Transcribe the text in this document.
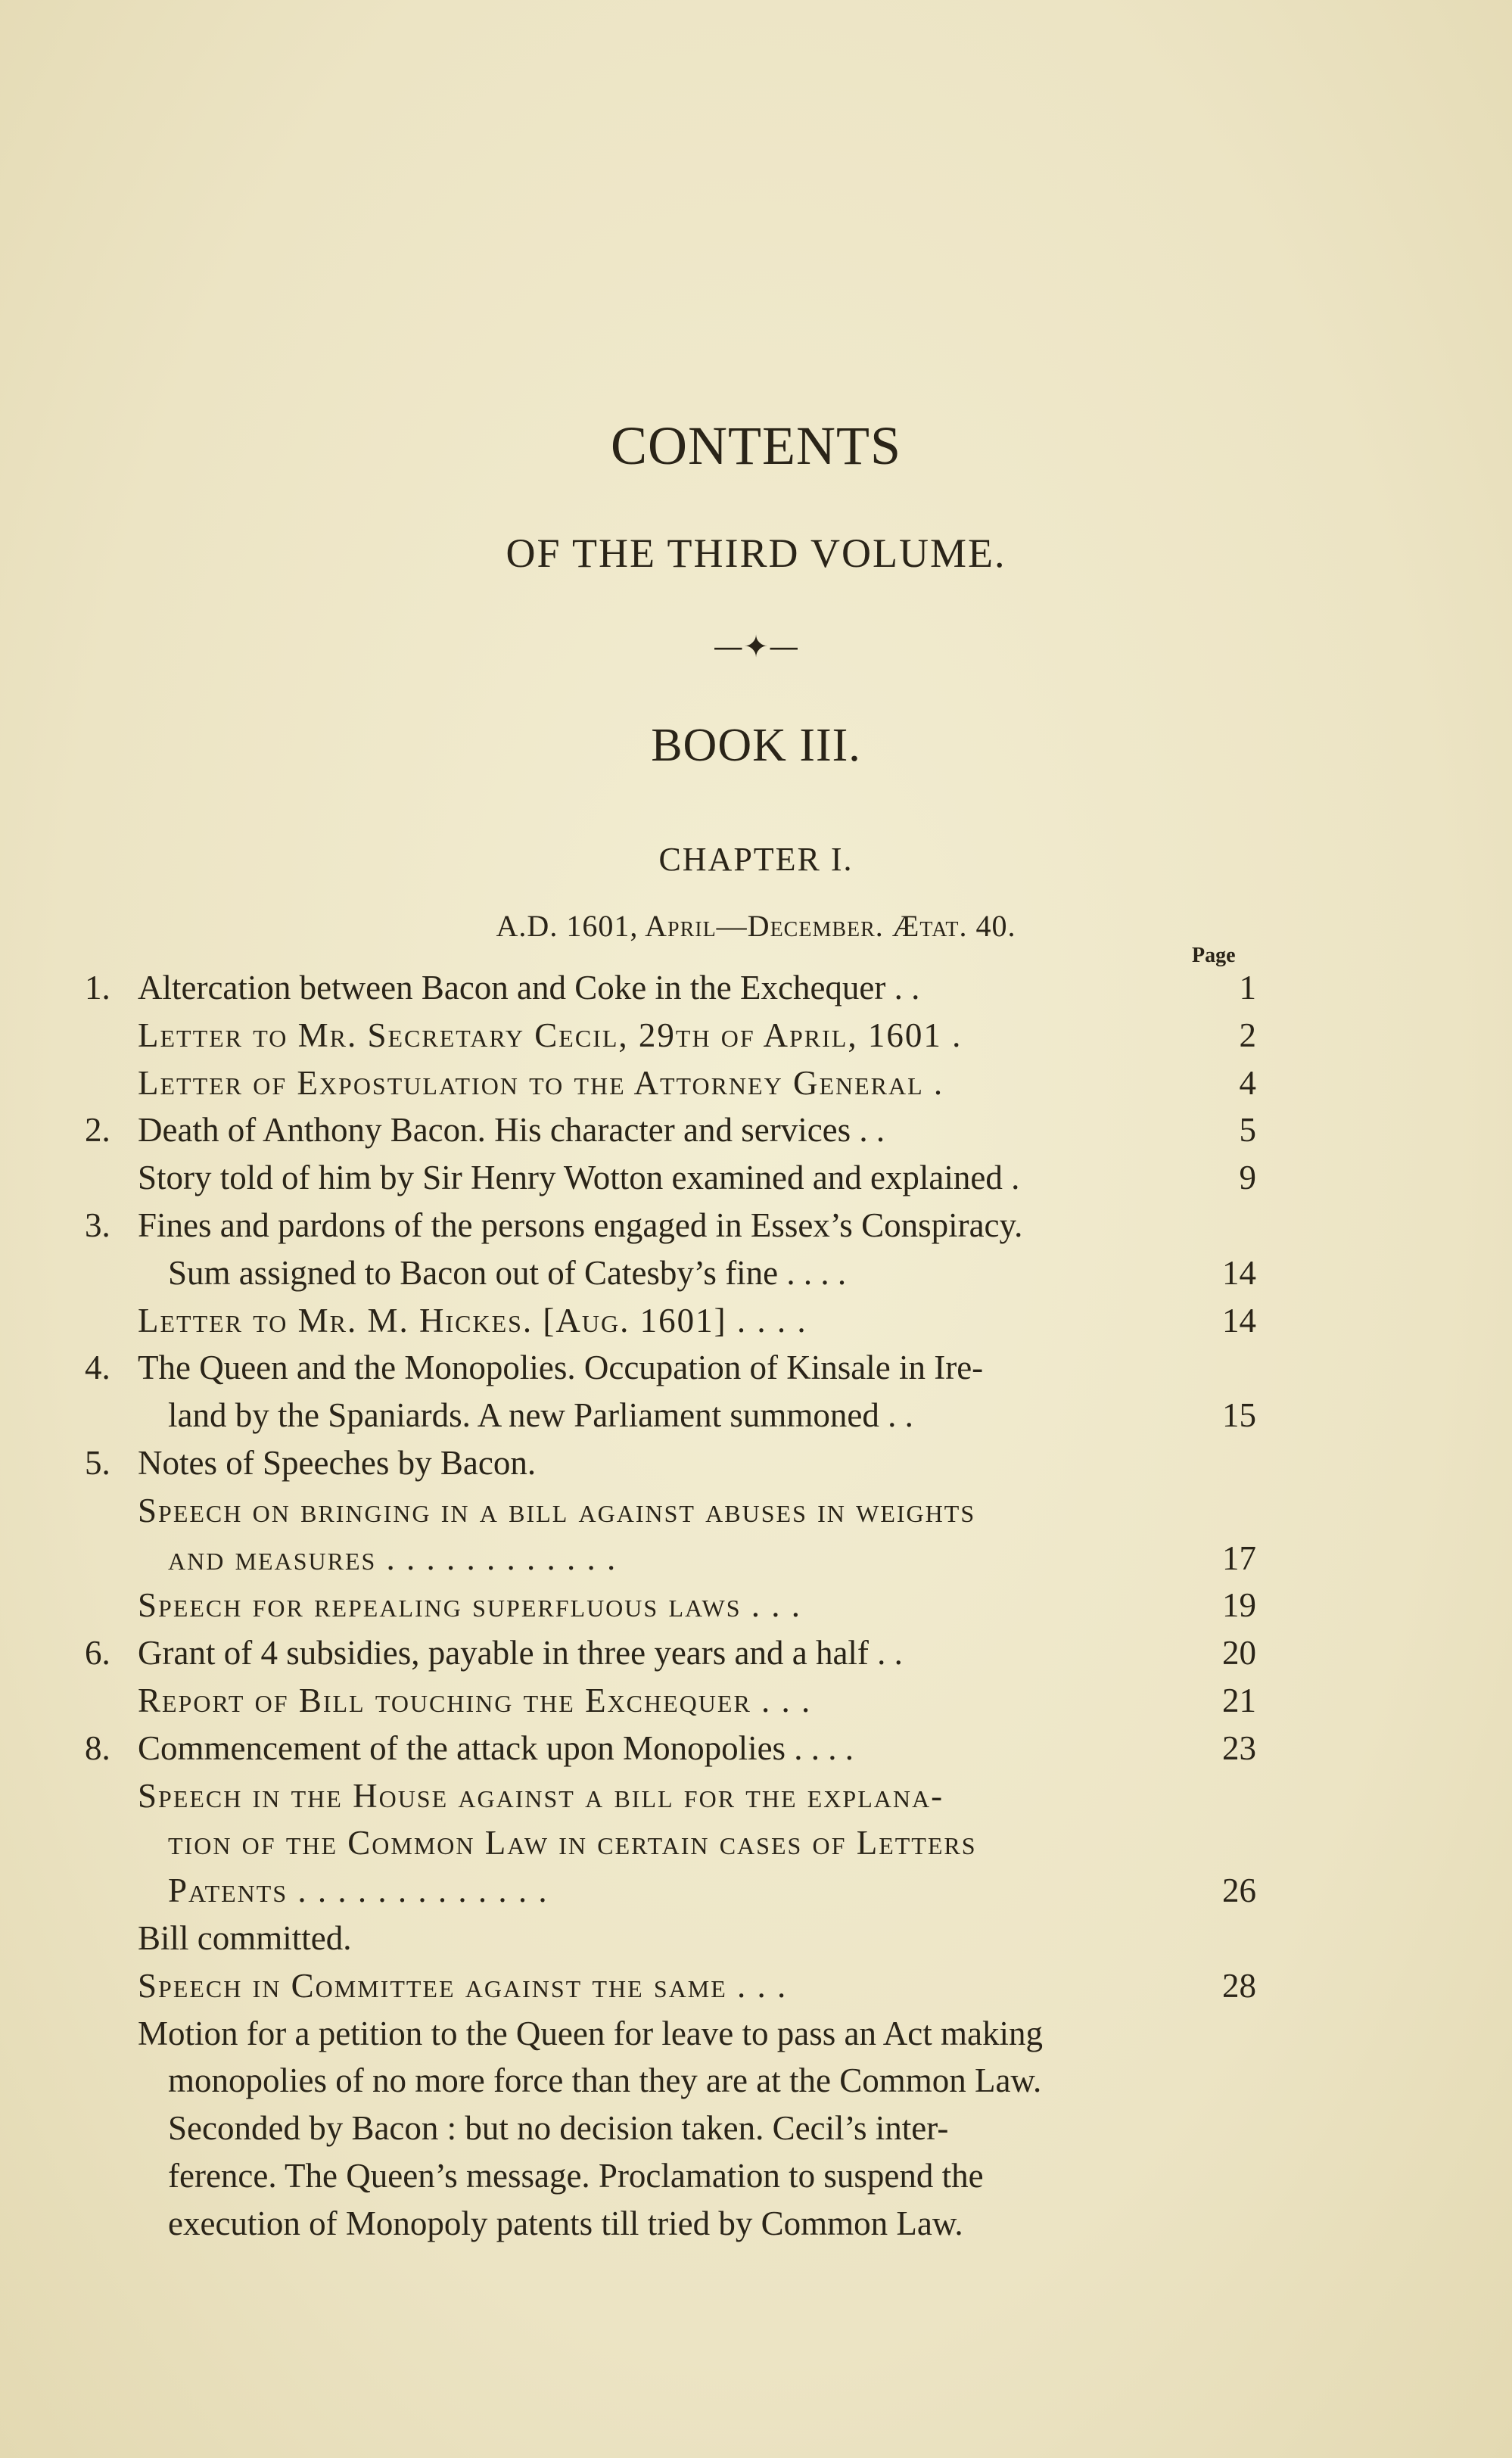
CONTENTS
OF THE THIRD VOLUME.
—✦—
BOOK III.
CHAPTER I.
A.D. 1601, April—December. Ætat. 40.
Page
1. Altercation between Bacon and Coke in the Exchequer . .	1
Letter to Mr. Secretary Cecil, 29th of April, 1601 .	2
Letter of Expostulation to the Attorney General .	4
2. Death of Anthony Bacon. His character and services . .	5
Story told of him by Sir Henry Wotton examined and explained .	9
3. Fines and pardons of the persons engaged in Essex’s Conspiracy.
Sum assigned to Bacon out of Catesby’s fine . . . .	14
Letter to Mr. M. Hickes. [Aug. 1601] . . . .	14
4. The Queen and the Monopolies. Occupation of Kinsale in Ire-
land by the Spaniards. A new Parliament summoned . .	15
5. Notes of Speeches by Bacon.
Speech on bringing in a bill against abuses in weights
and measures . . . . . . . . . . . .	17
Speech for repealing superfluous laws . . .	19
6. Grant of 4 subsidies, payable in three years and a half . .	20
Report of Bill touching the Exchequer . . .	21
8. Commencement of the attack upon Monopolies . . . .	23
Speech in the House against a bill for the explana-
tion of the Common Law in certain cases of Letters
Patents . . . . . . . . . . . . .	26
Bill committed.
Speech in Committee against the same . . .	28
Motion for a petition to the Queen for leave to pass an Act making
monopolies of no more force than they are at the Common Law.
Seconded by Bacon : but no decision taken. Cecil’s inter-
ference. The Queen’s message. Proclamation to suspend the
execution of Monopoly patents till tried by Common Law.
